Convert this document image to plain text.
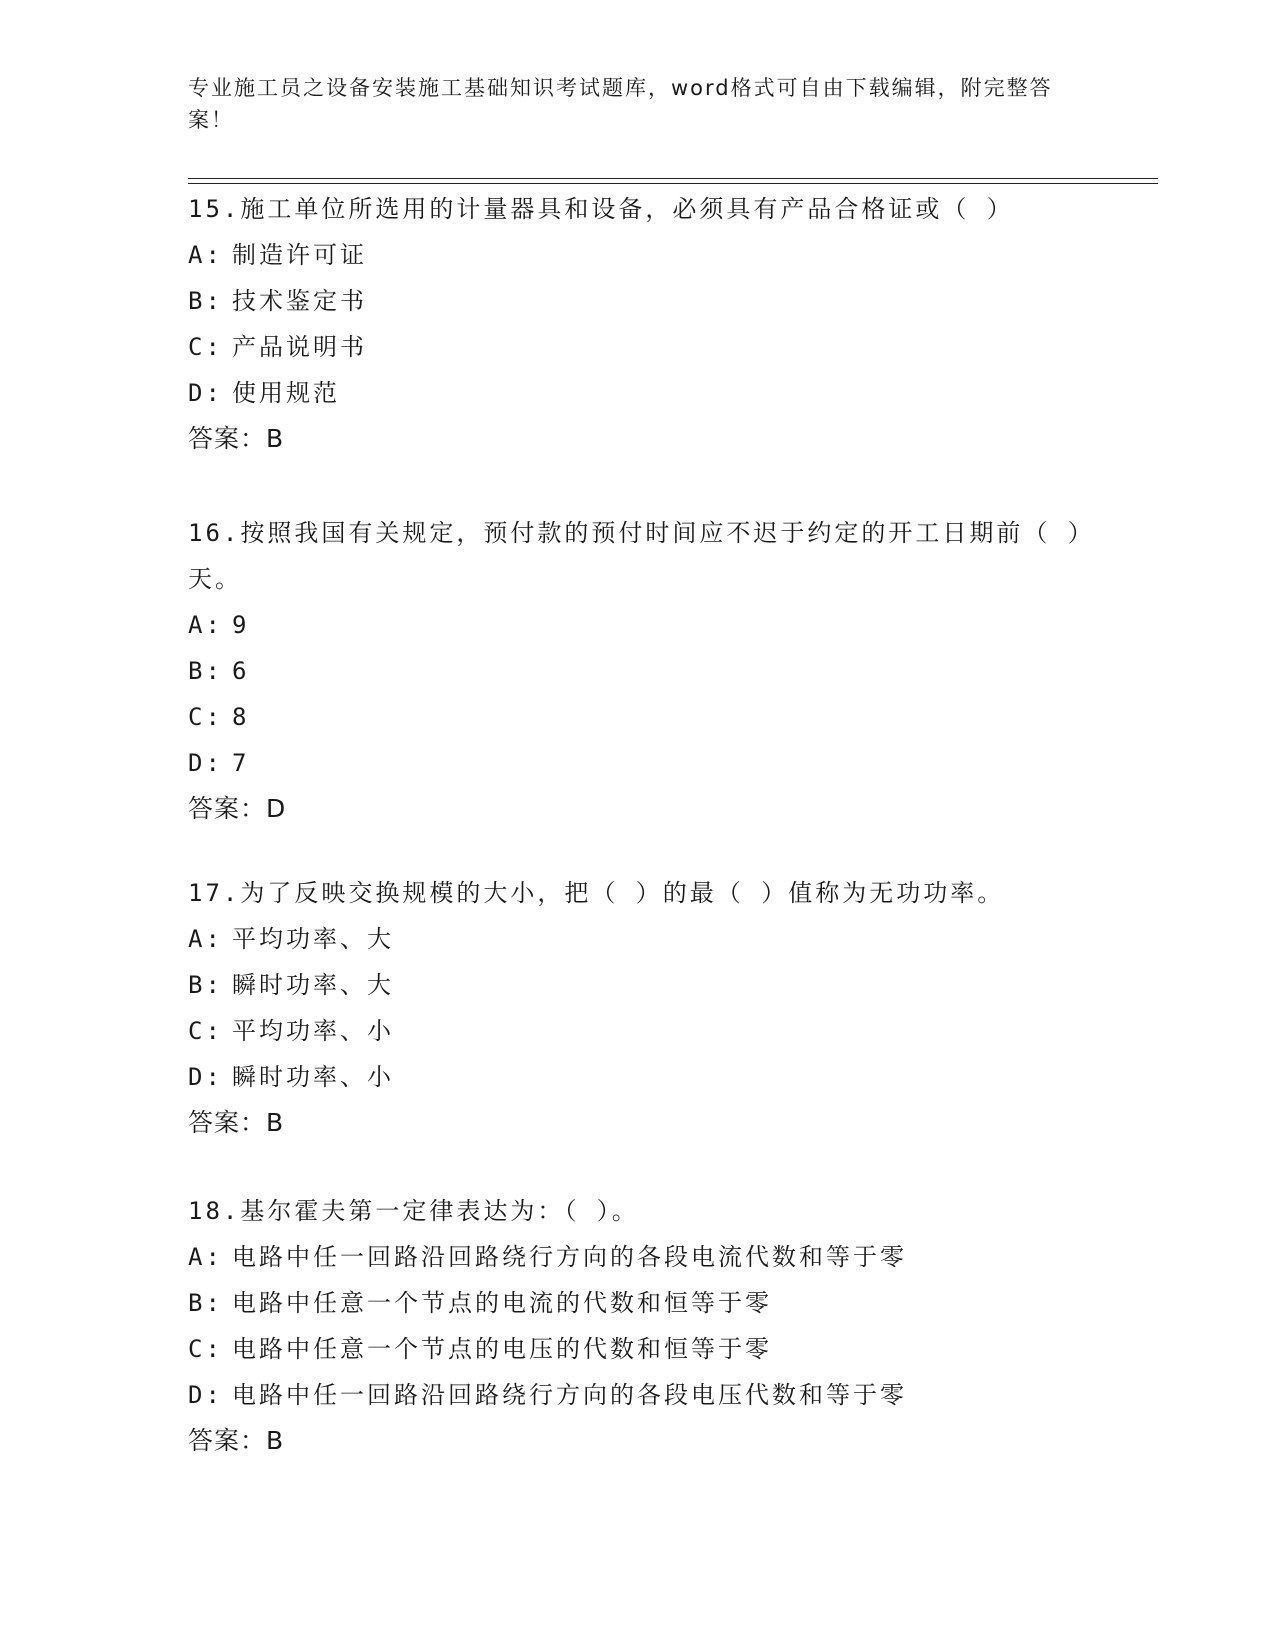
专业施工员之设备安装施工基础知识考试题库，word格式可自由下载编辑，附完整答案！
15.施工单位所选用的计量器具和设备，必须具有产品合格证或（ ）
A: 制造许可证
B: 技术鉴定书
C: 产品说明书
D: 使用规范
答案：B
16.按照我国有关规定，预付款的预付时间应不迟于约定的开工日期前（ ）天。
A: 9
B: 6
C: 8
D: 7
答案：D
17.为了反映交换规模的大小，把（ ）的最（ ）值称为无功功率。
A: 平均功率、大
B: 瞬时功率、大
C: 平均功率、小
D: 瞬时功率、小
答案：B
18.基尔霍夫第一定律表达为：（ ）。
A: 电路中任一回路沿回路绕行方向的各段电流代数和等于零
B: 电路中任意一个节点的电流的代数和恒等于零
C: 电路中任意一个节点的电压的代数和恒等于零
D: 电路中任一回路沿回路绕行方向的各段电压代数和等于零
答案：B
